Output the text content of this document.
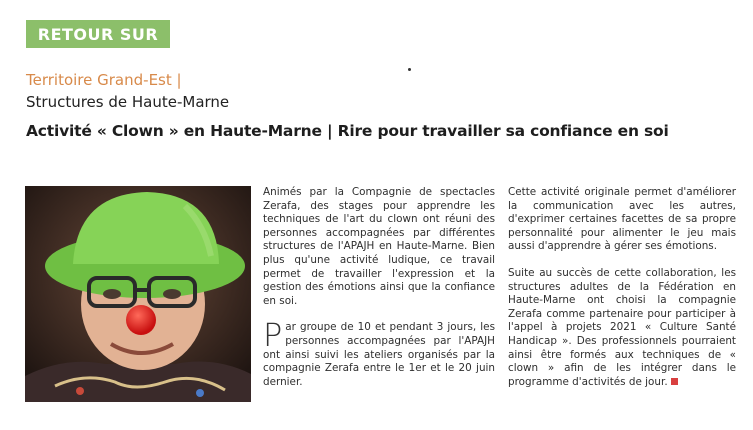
RETOUR SUR
Territoire Grand-Est |
Structures de Haute-Marne
Activité « Clown » en Haute-Marne | Rire pour travailler sa confiance en soi

Animés par la Compagnie de spectacles Zerafa, des stages pour apprendre les techniques de l'art du clown ont réuni des personnes accompagnées par différentes structures de l'APAJH en Haute-Marne. Bien plus qu'une activité ludique, ce travail permet de travailler l'expression et la gestion des émotions ainsi que la confiance en soi.

Par groupe de 10 et pendant 3 jours, les personnes accompagnées par l'APAJH ont ainsi suivi les ateliers organisés par la compagnie Zerafa entre le 1er et le 20 juin dernier.

Cette activité originale permet d'améliorer la communication avec les autres, d'exprimer certaines facettes de sa propre personnalité pour alimenter le jeu mais aussi d'apprendre à gérer ses émotions.

Suite au succès de cette collaboration, les structures adultes de la Fédération en Haute-Marne ont choisi la compagnie Zerafa comme partenaire pour participer à l'appel à projets 2021 « Culture Santé Handicap ». Des professionnels pourraient ainsi être formés aux techniques de « clown » afin de les intégrer dans le programme d'activités de jour.
